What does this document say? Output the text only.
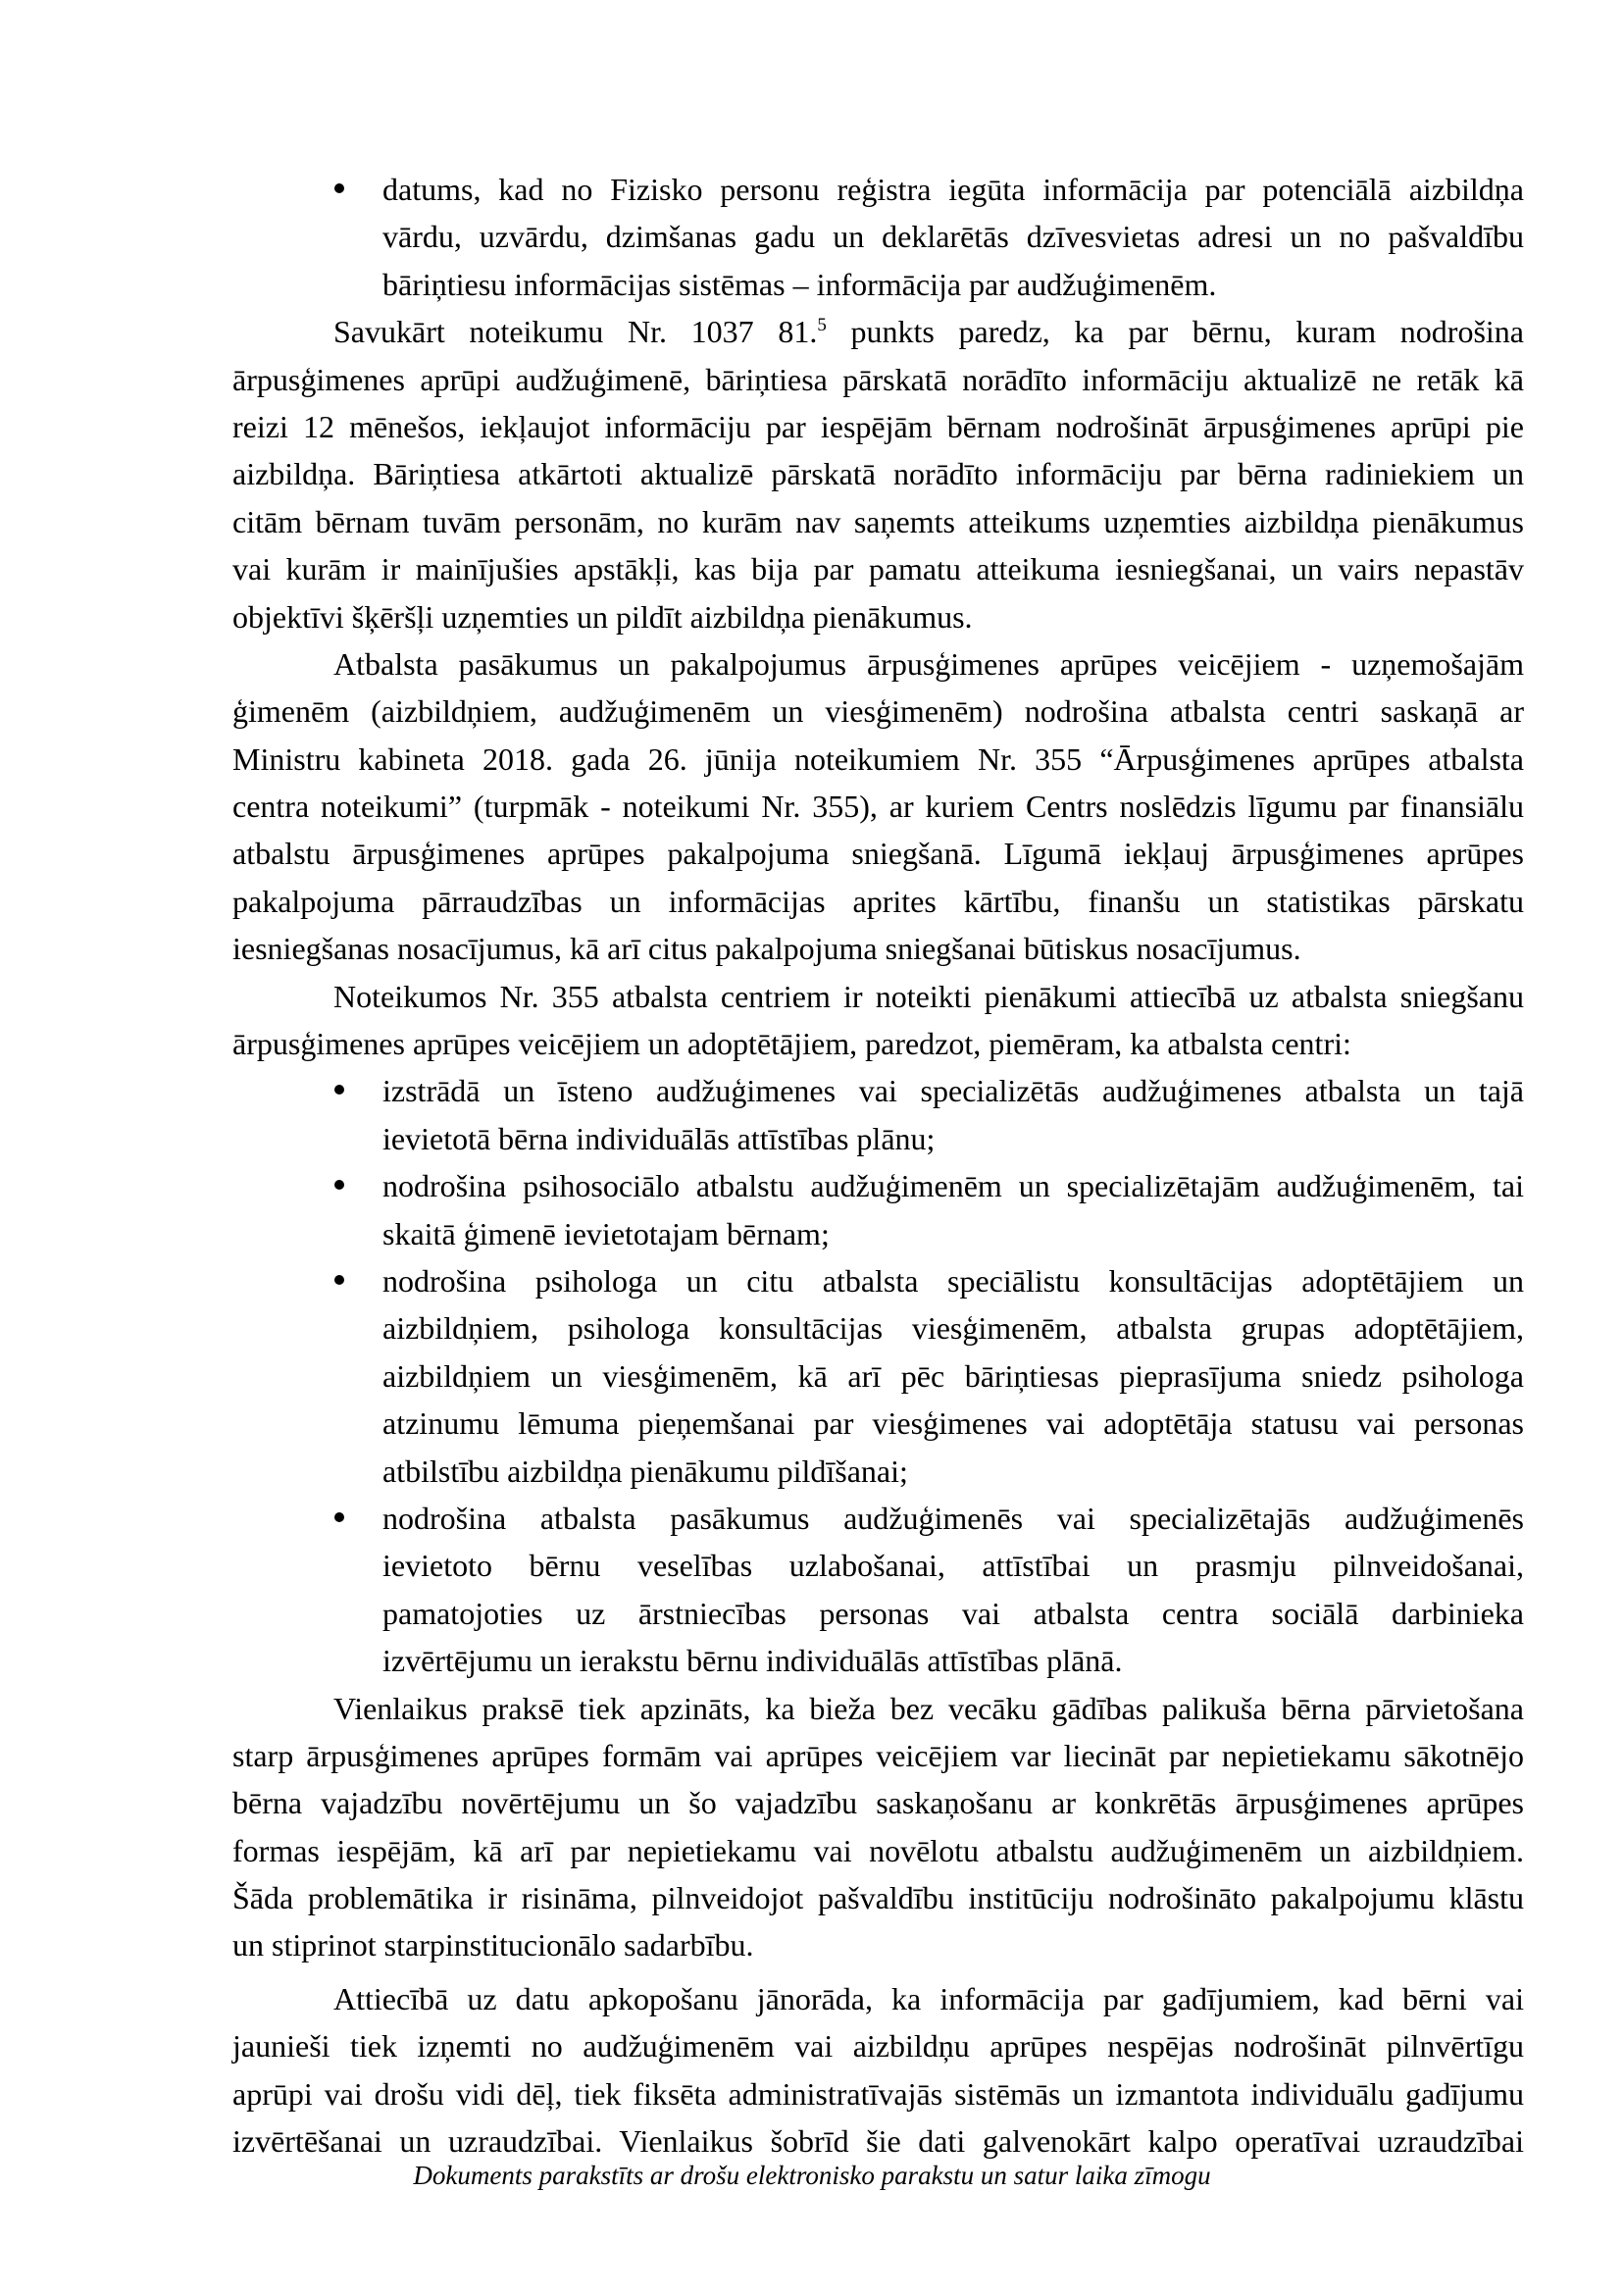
datums, kad no Fizisko personu reģistra iegūta informācija par potenciālā aizbildņa
vārdu, uzvārdu, dzimšanas gadu un deklarētās dzīvesvietas adresi un no pašvaldību
bāriņtiesu informācijas sistēmas – informācija par audžuģimenēm.
Savukārt noteikumu Nr. 1037 81.$^5$ punkts paredz, ka par bērnu, kuram nodrošina
ārpusģimenes aprūpi audžuģimenē, bāriņtiesa pārskatā norādīto informāciju aktualizē ne retāk kā
reizi 12 mēnešos, iekļaujot informāciju par iespējām bērnam nodrošināt ārpusģimenes aprūpi pie
aizbildņa. Bāriņtiesa atkārtoti aktualizē pārskatā norādīto informāciju par bērna radiniekiem un
citām bērnam tuvām personām, no kurām nav saņemts atteikums uzņemties aizbildņa pienākumus
vai kurām ir mainījušies apstākļi, kas bija par pamatu atteikuma iesniegšanai, un vairs nepastāv
objektīvi šķēršļi uzņemties un pildīt aizbildņa pienākumus.
Atbalsta pasākumus un pakalpojumus ārpusģimenes aprūpes veicējiem - uzņemošajām
ģimenēm (aizbildņiem, audžuģimenēm un viesģimenēm) nodrošina atbalsta centri saskaņā ar
Ministru kabineta 2018. gada 26. jūnija noteikumiem Nr. 355 “Ārpusģimenes aprūpes atbalsta
centra noteikumi” (turpmāk - noteikumi Nr. 355), ar kuriem Centrs noslēdzis līgumu par finansiālu
atbalstu ārpusģimenes aprūpes pakalpojuma sniegšanā. Līgumā iekļauj ārpusģimenes aprūpes
pakalpojuma pārraudzības un informācijas aprites kārtību, finanšu un statistikas pārskatu
iesniegšanas nosacījumus, kā arī citus pakalpojuma sniegšanai būtiskus nosacījumus.
Noteikumos Nr. 355 atbalsta centriem ir noteikti pienākumi attiecībā uz atbalsta sniegšanu
ārpusģimenes aprūpes veicējiem un adoptētājiem, paredzot, piemēram, ka atbalsta centri:
izstrādā un īsteno audžuģimenes vai specializētās audžuģimenes atbalsta un tajā
ievietotā bērna individuālās attīstības plānu;
nodrošina psihosociālo atbalstu audžuģimenēm un specializētajām audžuģimenēm, tai
skaitā ģimenē ievietotajam bērnam;
nodrošina psihologa un citu atbalsta speciālistu konsultācijas adoptētājiem un
aizbildņiem, psihologa konsultācijas viesģimenēm, atbalsta grupas adoptētājiem,
aizbildņiem un viesģimenēm, kā arī pēc bāriņtiesas pieprasījuma sniedz psihologa
atzinumu lēmuma pieņemšanai par viesģimenes vai adoptētāja statusu vai personas
atbilstību aizbildņa pienākumu pildīšanai;
nodrošina atbalsta pasākumus audžuģimenēs vai specializētajās audžuģimenēs
ievietoto bērnu veselības uzlabošanai, attīstībai un prasmju pilnveidošanai,
pamatojoties uz ārstniecības personas vai atbalsta centra sociālā darbinieka
izvērtējumu un ierakstu bērnu individuālās attīstības plānā.
Vienlaikus praksē tiek apzināts, ka bieža bez vecāku gādības palikuša bērna pārvietošana
starp ārpusģimenes aprūpes formām vai aprūpes veicējiem var liecināt par nepietiekamu sākotnējo
bērna vajadzību novērtējumu un šo vajadzību saskaņošanu ar konkrētās ārpusģimenes aprūpes
formas iespējām, kā arī par nepietiekamu vai novēlotu atbalstu audžuģimenēm un aizbildņiem.
Šāda problemātika ir risināma, pilnveidojot pašvaldību institūciju nodrošināto pakalpojumu klāstu
un stiprinot starpinstitucionālo sadarbību.
Attiecībā uz datu apkopošanu jānorāda, ka informācija par gadījumiem, kad bērni vai
jaunieši tiek izņemti no audžuģimenēm vai aizbildņu aprūpes nespējas nodrošināt pilnvērtīgu
aprūpi vai drošu vidi dēļ, tiek fiksēta administratīvajās sistēmās un izmantota individuālu gadījumu
izvērtēšanai un uzraudzībai. Vienlaikus šobrīd šie dati galvenokārt kalpo operatīvai uzraudzībai
Dokuments parakstīts ar drošu elektronisko parakstu un satur laika zīmogu
